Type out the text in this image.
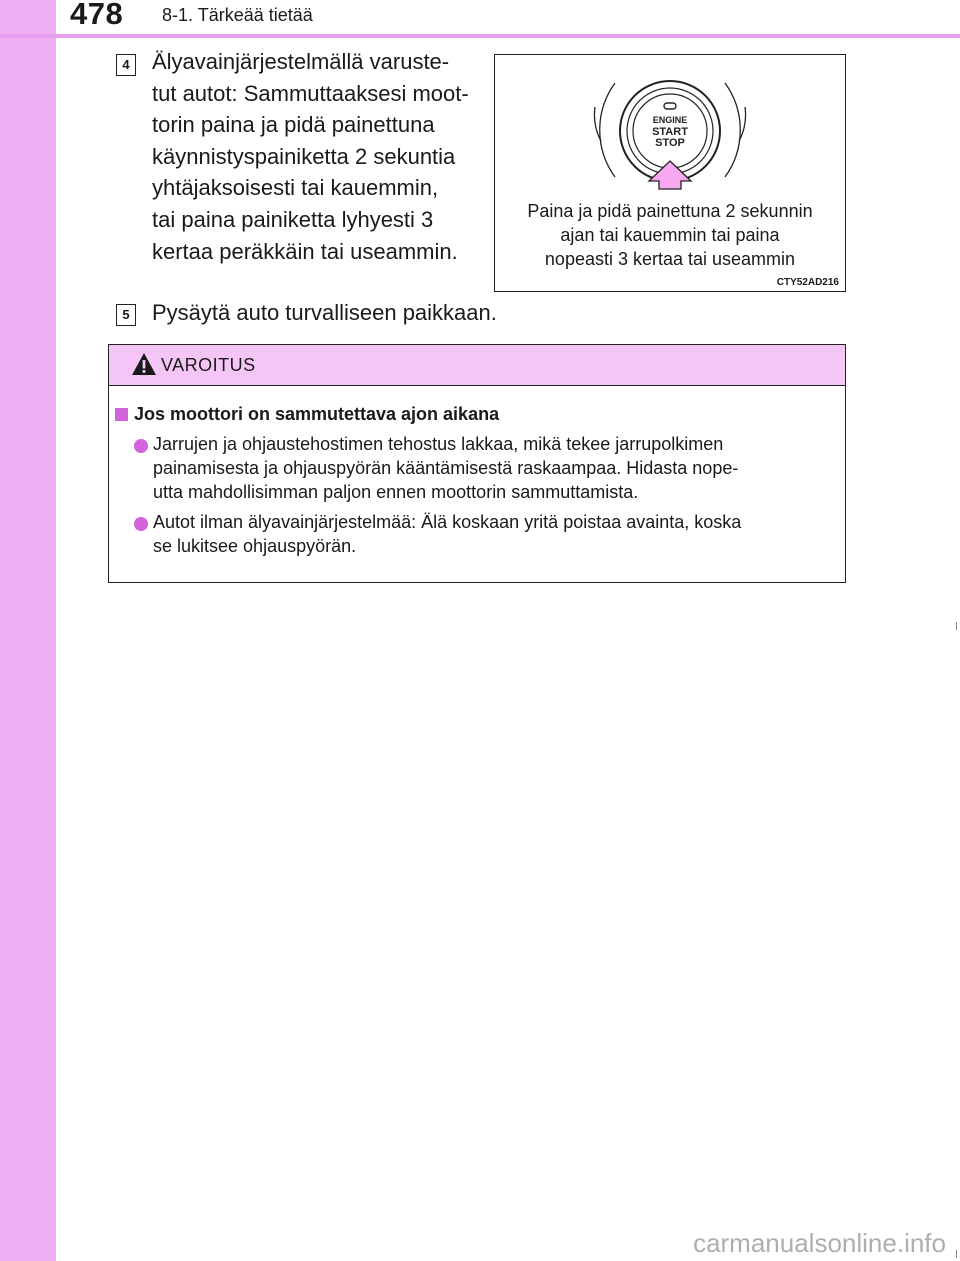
478 8-1. Tärkeää tietää
4 Älyavainjärjestelmällä varuste-
tut autot: Sammuttaaksesi moot-
torin paina ja pidä painettuna
käynnistyspainiketta 2 sekuntia
yhtäjaksoisesti tai kauemmin,
tai paina painiketta lyhyesti 3
kertaa peräkkäin tai useammin.
ENGINE
START
STOP
Paina ja pidä painettuna 2 sekunnin
ajan tai kauemmin tai paina
nopeasti 3 kertaa tai useammin
CTY52AD216
5 Pysäytä auto turvalliseen paikkaan.
VAROITUS
Jos moottori on sammutettava ajon aikana
Jarrujen ja ohjaustehostimen tehostus lakkaa, mikä tekee jarrupolkimen
painamisesta ja ohjauspyörän kääntämisestä raskaampaa. Hidasta nope-
utta mahdollisimman paljon ennen moottorin sammuttamista.
Autot ilman älyavainjärjestelmää: Älä koskaan yritä poistaa avainta, koska
se lukitsee ohjauspyörän.
carmanualsonline.info
